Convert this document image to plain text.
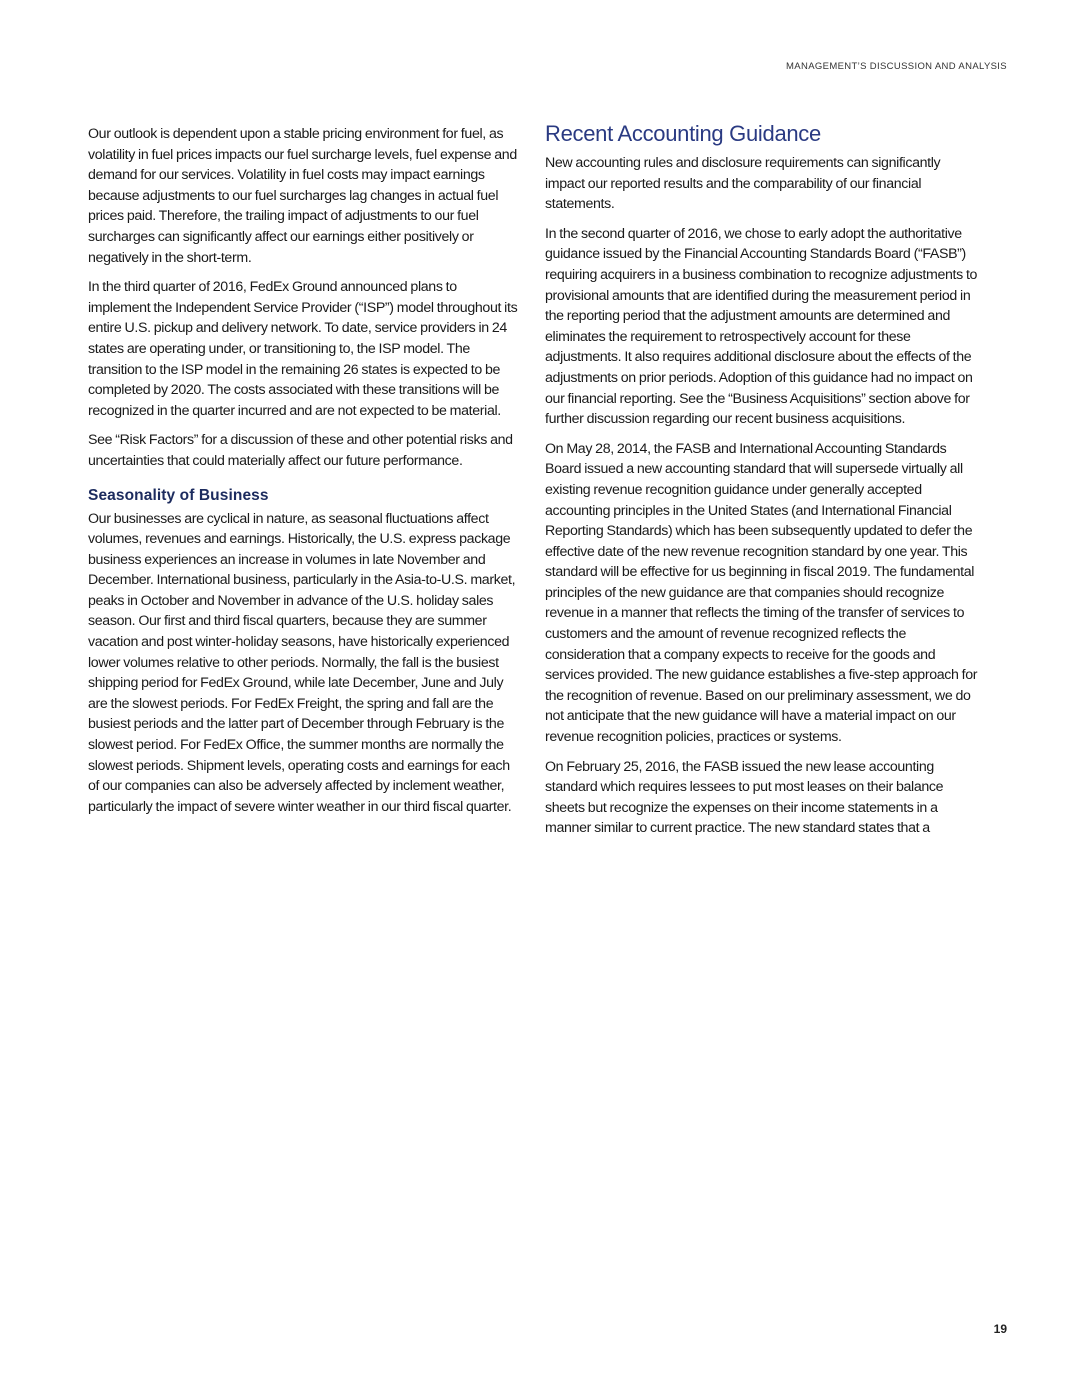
MANAGEMENT’S DISCUSSION AND ANALYSIS

Our outlook is dependent upon a stable pricing environment for fuel, as volatility in fuel prices impacts our fuel surcharge levels, fuel expense and demand for our services. Volatility in fuel costs may impact earnings because adjustments to our fuel surcharges lag changes in actual fuel prices paid. Therefore, the trailing impact of adjustments to our fuel surcharges can significantly affect our earnings either positively or negatively in the short-term.

In the third quarter of 2016, FedEx Ground announced plans to implement the Independent Service Provider (“ISP”) model throughout its entire U.S. pickup and delivery network. To date, service providers in 24 states are operating under, or transitioning to, the ISP model. The transition to the ISP model in the remaining 26 states is expected to be completed by 2020. The costs associated with these transitions will be recognized in the quarter incurred and are not expected to be material.

See “Risk Factors” for a discussion of these and other potential risks and uncertainties that could materially affect our future performance.

Seasonality of Business

Our businesses are cyclical in nature, as seasonal fluctuations affect volumes, revenues and earnings. Historically, the U.S. express package business experiences an increase in volumes in late November and December. International business, particularly in the Asia-to-U.S. market, peaks in October and November in advance of the U.S. holiday sales season. Our first and third fiscal quarters, because they are summer vacation and post winter-holiday seasons, have historically experienced lower volumes relative to other periods. Normally, the fall is the busiest shipping period for FedEx Ground, while late December, June and July are the slowest periods. For FedEx Freight, the spring and fall are the busiest periods and the latter part of December through February is the slowest period. For FedEx Office, the summer months are normally the slowest periods. Shipment levels, operating costs and earnings for each of our companies can also be adversely affected by inclement weather, particularly the impact of severe winter weather in our third fiscal quarter.

Recent Accounting Guidance

New accounting rules and disclosure requirements can significantly impact our reported results and the comparability of our financial statements.

In the second quarter of 2016, we chose to early adopt the authoritative guidance issued by the Financial Accounting Standards Board (“FASB”) requiring acquirers in a business combination to recognize adjustments to provisional amounts that are identified during the measurement period in the reporting period that the adjustment amounts are determined and eliminates the requirement to retrospectively account for these adjustments. It also requires additional disclosure about the effects of the adjustments on prior periods. Adoption of this guidance had no impact on our financial reporting. See the “Business Acquisitions” section above for further discussion regarding our recent business acquisitions.

On May 28, 2014, the FASB and International Accounting Standards Board issued a new accounting standard that will supersede virtually all existing revenue recognition guidance under generally accepted accounting principles in the United States (and International Financial Reporting Standards) which has been subsequently updated to defer the effective date of the new revenue recognition standard by one year. This standard will be effective for us beginning in fiscal 2019. The fundamental principles of the new guidance are that companies should recognize revenue in a manner that reflects the timing of the transfer of services to customers and the amount of revenue recognized reflects the consideration that a company expects to receive for the goods and services provided. The new guidance establishes a five-step approach for the recognition of revenue. Based on our preliminary assessment, we do not anticipate that the new guidance will have a material impact on our revenue recognition policies, practices or systems.

On February 25, 2016, the FASB issued the new lease accounting standard which requires lessees to put most leases on their balance sheets but recognize the expenses on their income statements in a manner similar to current practice. The new standard states that a

19
